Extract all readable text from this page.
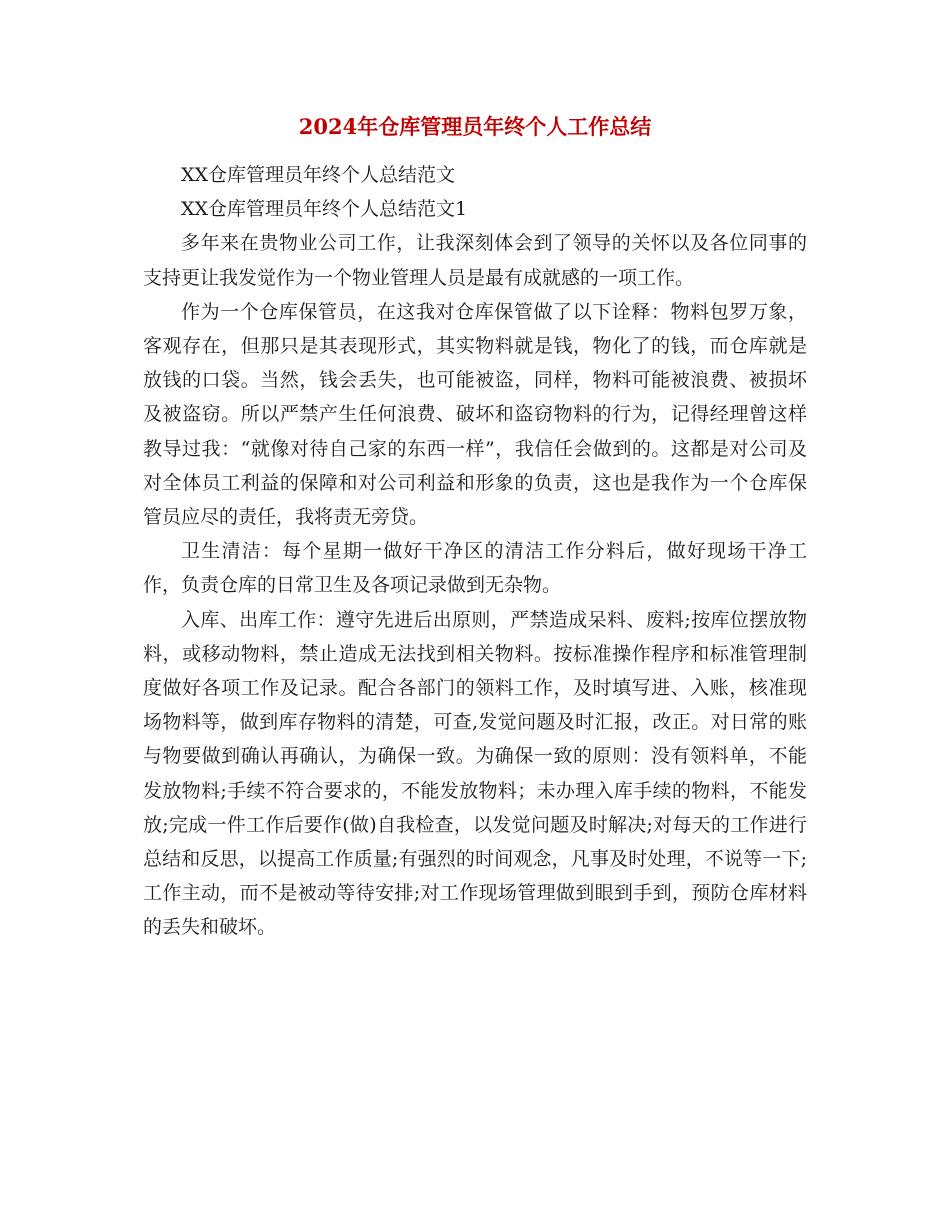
2024年仓库管理员年终个人工作总结

XX仓库管理员年终个人总结范文

XX仓库管理员年终个人总结范文1

多年来在贵物业公司工作，让我深刻体会到了领导的关怀以及各位同事的支持更让我发觉作为一个物业管理人员是最有成就感的一项工作。

作为一个仓库保管员，在这我对仓库保管做了以下诠释：物料包罗万象，客观存在，但那只是其表现形式，其实物料就是钱，物化了的钱，而仓库就是放钱的口袋。当然，钱会丢失，也可能被盗，同样，物料可能被浪费、被损坏及被盗窃。所以严禁产生任何浪费、破坏和盗窃物料的行为，记得经理曾这样教导过我：“就像对待自己家的东西一样”，我信任会做到的。这都是对公司及对全体员工利益的保障和对公司利益和形象的负责，这也是我作为一个仓库保管员应尽的责任，我将责无旁贷。

卫生清洁：每个星期一做好干净区的清洁工作分料后，做好现场干净工作，负责仓库的日常卫生及各项记录做到无杂物。

入库、出库工作：遵守先进后出原则，严禁造成呆料、废料;按库位摆放物料，或移动物料，禁止造成无法找到相关物料。按标准操作程序和标准管理制度做好各项工作及记录。配合各部门的领料工作，及时填写进、入账，核准现场物料等，做到库存物料的清楚，可查,发觉问题及时汇报，改正。对日常的账与物要做到确认再确认，为确保一致。为确保一致的原则：没有领料单，不能发放物料;手续不符合要求的，不能发放物料；未办理入库手续的物料，不能发放;完成一件工作后要作(做)自我检查，以发觉问题及时解决;对每天的工作进行总结和反思，以提高工作质量;有强烈的时间观念，凡事及时处理，不说等一下;工作主动，而不是被动等待安排;对工作现场管理做到眼到手到，预防仓库材料的丢失和破坏。
